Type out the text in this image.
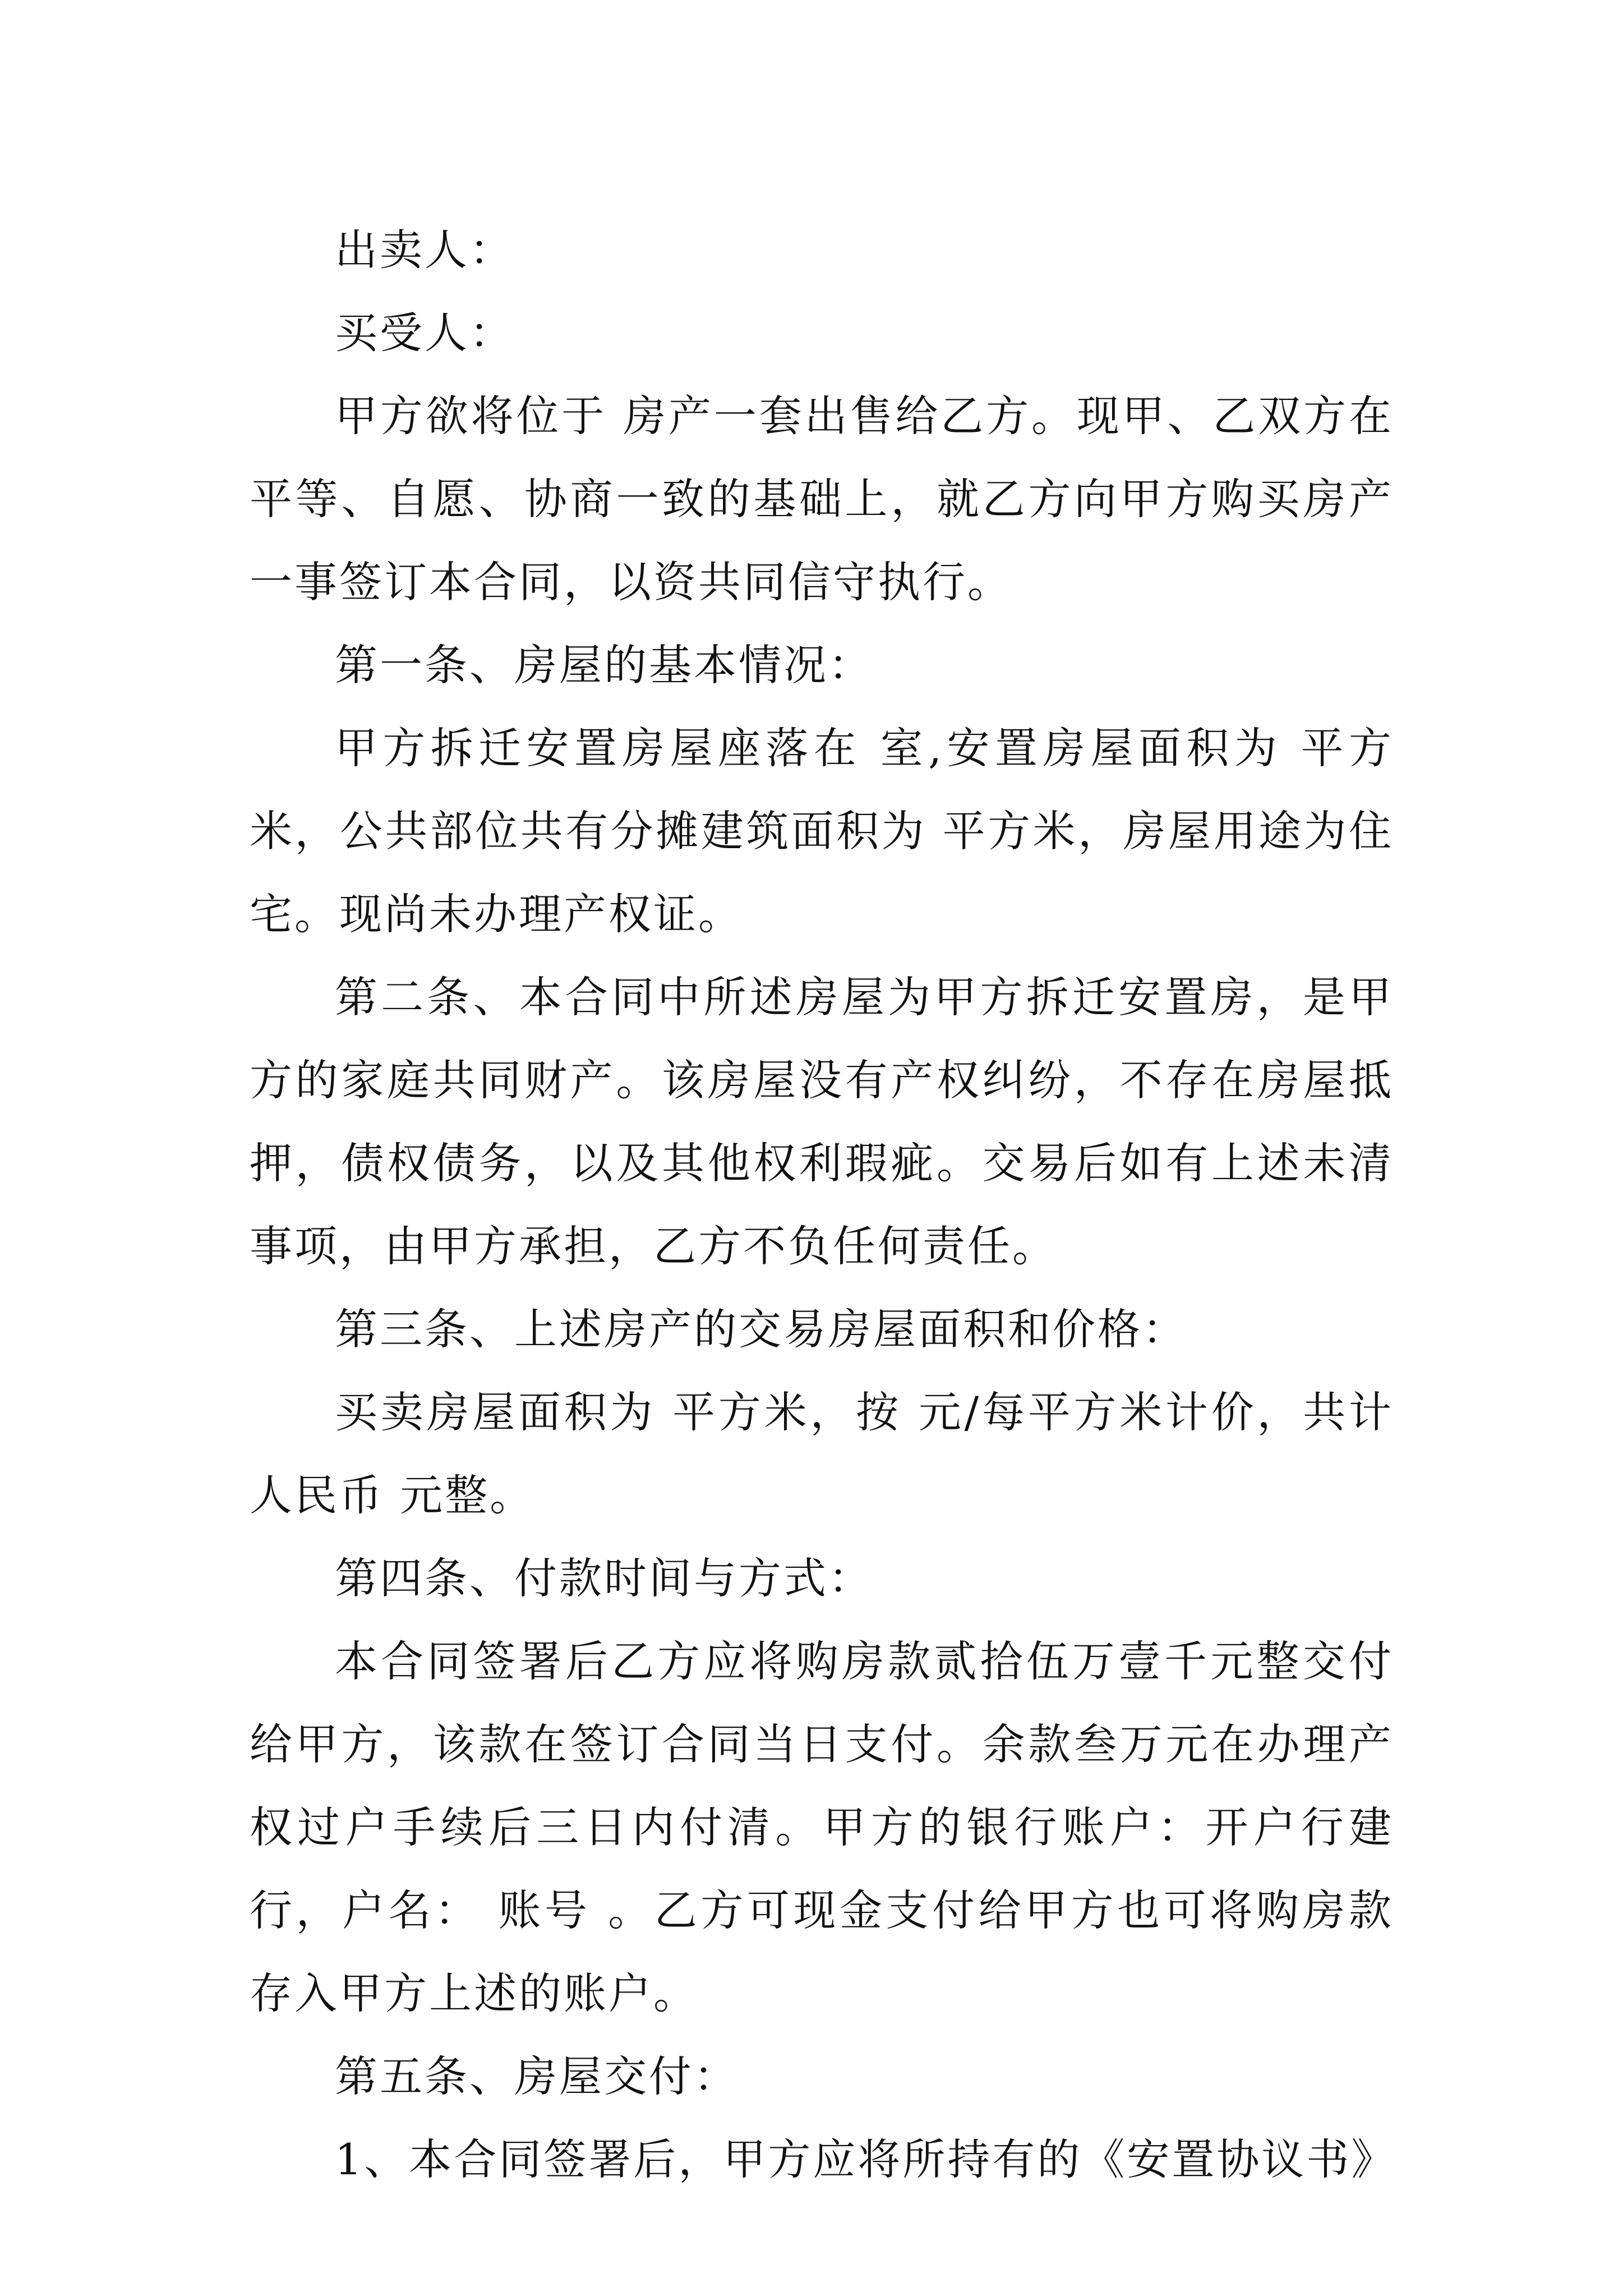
出卖人：

买受人：

甲方欲将位于 房产一套出售给乙方。现甲、乙双方在平等、自愿、协商一致的基础上，就乙方向甲方购买房产一事签订本合同，以资共同信守执行。

第一条、房屋的基本情况：

甲方拆迁安置房屋座落在 室,安置房屋面积为 平方米，公共部位共有分摊建筑面积为 平方米，房屋用途为住宅。现尚未办理产权证。

第二条、本合同中所述房屋为甲方拆迁安置房，是甲方的家庭共同财产。该房屋没有产权纠纷，不存在房屋抵押，债权债务，以及其他权利瑕疵。交易后如有上述未清事项，由甲方承担，乙方不负任何责任。

第三条、上述房产的交易房屋面积和价格：

买卖房屋面积为 平方米，按 元/每平方米计价，共计人民币 元整。

第四条、付款时间与方式：

本合同签署后乙方应将购房款贰拾伍万壹千元整交付给甲方，该款在签订合同当日支付。余款叁万元在办理产权过户手续后三日内付清。甲方的银行账户：开户行建行，户名： 账号 。乙方可现金支付给甲方也可将购房款存入甲方上述的账户。

第五条、房屋交付：

1、本合同签署后，甲方应将所持有的《安置协议书》
